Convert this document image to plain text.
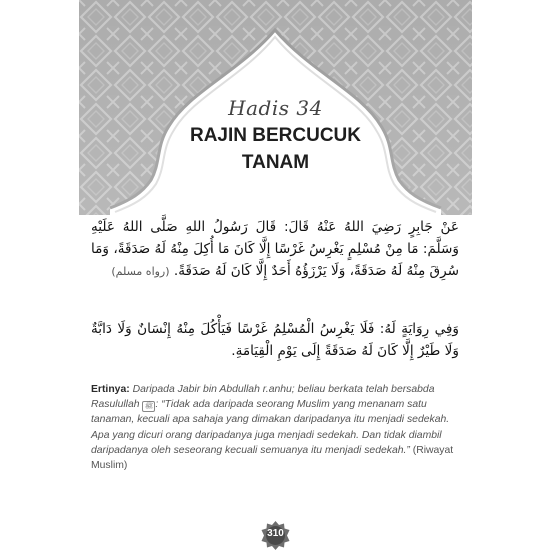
Hadis 34
RAJIN BERCUCUK
TANAM
عَنْ جَابِرٍ رَضِيَ اللهُ عَنْهُ قَالَ: قَالَ رَسُولُ اللهِ صَلَّى اللهُ عَلَيْهِ وَسَلَّمَ: مَا مِنْ مُسْلِمٍ يَغْرِسُ غَرْسًا إِلَّا كَانَ مَا أُكِلَ مِنْهُ لَهُ صَدَقَةً، وَمَا سُرِقَ مِنْهُ لَهُ صَدَقَةً، وَلَا يَرْزَؤُهُ أَحَدٌ إِلَّا كَانَ لَهُ صَدَقَةً. (رواه مسلم)
وَفِي رِوَايَةٍ لَهُ: فَلَا يَغْرِسُ الْمُسْلِمُ غَرْسًا فَيَأْكُلَ مِنْهُ إِنْسَانٌ وَلَا دَابَّةٌ وَلَا طَيْرٌ إِلَّا كَانَ لَهُ صَدَقَةً إِلَى يَوْمِ الْقِيَامَةِ.
Ertinya: Daripada Jabir bin Abdullah r.anhu; beliau berkata telah bersabda Rasulullah ﷺ : “Tidak ada daripada seorang Muslim yang menanam satu tanaman, kecuali apa sahaja yang dimakan daripadanya itu menjadi sedekah. Apa yang dicuri orang daripadanya juga menjadi sedekah. Dan tidak diambil daripadanya oleh seseorang kecuali semuanya itu menjadi sedekah.” (Riwayat Muslim)
310
